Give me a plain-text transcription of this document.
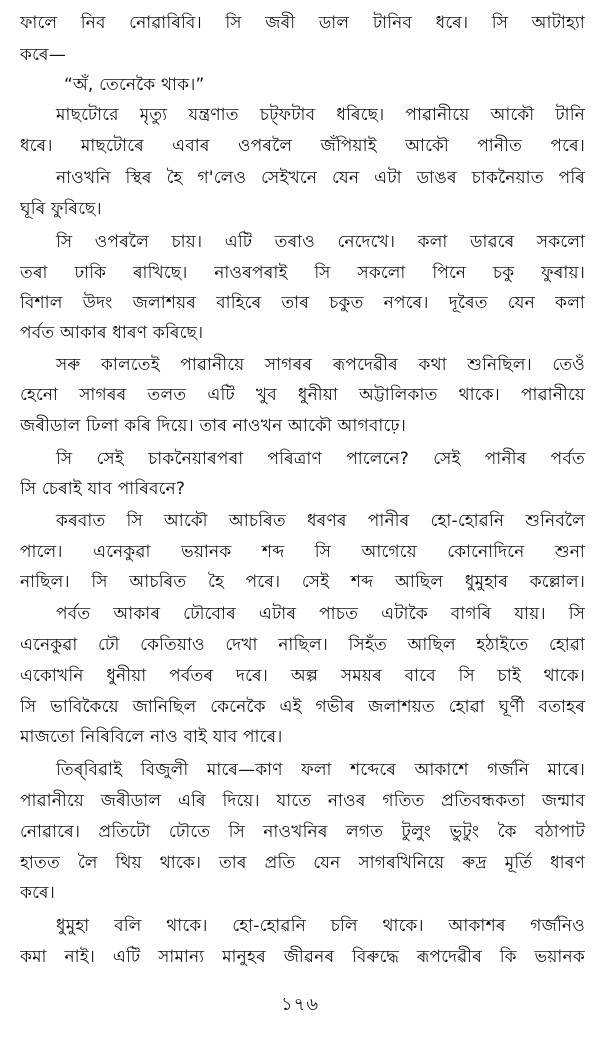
ফালে নিব নোৱাৰিবি। সি জৰী ডাল টানিব ধৰে। সি আটাহ্যা
কৰে—
“অঁ, তেনেকৈ থাক।”
মাছটোরে মৃত্যু যন্ত্ৰণাত চট্‌ফটাব ধৰিছে। পাৱানীয়ে আকৌ টানি
ধৰে। মাছটোৰে এবাৰ ওপৰলৈ জঁপিয়াই আকৌ পানীত পৰে।
নাওখনি স্থিৰ হৈ গ'লেও সেইখনে যেন এটা ডাঙৰ চাকনৈয়াত পৰি
ঘূৰি ফুৰিছে।
সি ওপৰলৈ চায়। এটি তৰাও নেদেখে। কলা ডাৱৰে সকলো
তৰা ঢাকি ৰাখিছে। নাওৰপৰাই সি সকলো পিনে চকু ফুৰায়।
বিশাল উদং জলাশয়ৰ বাহিৰে তাৰ চকুত নপৰে। দূৰৈত যেন কলা
পৰ্বত আকাৰ ধাৰণ কৰিছে।
সৰু কালতেই পাৱানীয়ে সাগৰৰ ৰূপদেৱীৰ কথা শুনিছিল। তেওঁ
হেনো সাগৰৰ তলত এটি খুব ধুনীয়া অট্টালিকাত থাকে। পাৱানীয়ে
জৰীডাল ঢিলা কৰি দিয়ে। তাৰ নাওখন আকৌ আগবাঢ়ে।
সি সেই চাকনৈয়াৰপৰা পৰিত্ৰাণ পালেনে? সেই পানীৰ পৰ্বত
সি চেৰাই যাব পাৰিবনে?
কৰবাত সি আকৌ আচৰিত ধৰণৰ পানীৰ হো-হোৱনি শুনিবলৈ
পালে। এনেকুৱা ভয়ানক শব্দ সি আগেয়ে কোনোদিনে শুনা
নাছিল। সি আচৰিত হৈ পৰে। সেই শব্দ আছিল ধুমুহাৰ কল্লোল।
পৰ্বত আকাৰ ঢৌবোৰ এটাৰ পাচত এটাকৈ বাগৰি যায়। সি
এনেকুৱা ঢৌ কেতিয়াও দেখা নাছিল। সিহঁত আছিল হঠাইতে হোৱা
একোখনি ধুনীয়া পৰ্বতৰ দৰে। অল্প সময়ৰ বাবে সি চাই থাকে।
সি ভাবিকৈয়ে জানিছিল কেনেকৈ এই গভীৰ জলাশয়ত হোৱা ঘূৰ্ণী বতাহৰ
মাজতো নিৰিবিলে নাও বাই যাব পাৰে।
তিৰ্‌বিৱাই বিজুলী মাৰে—কাণ ফলা শব্দেৰে আকাশে গৰ্জনি মাৰে।
পাৱানীয়ে জৰীডাল এৰি দিয়ে। যাতে নাওৰ গতিত প্ৰতিবন্ধকতা জন্মাব
নোৱাৰে। প্ৰতিটো ঢৌতে সি নাওখনিৰ লগত টুলুং ভুটুং কৈ বঠাপাট
হাতত লৈ থিয় থাকে। তাৰ প্ৰতি যেন সাগৰখিনিয়ে ৰুদ্ৰ মূৰ্তি ধাৰণ
কৰে।
ধুমুহা বলি থাকে। হো-হোৱনি চলি থাকে। আকাশৰ গৰ্জনিও
কমা নাই। এটি সামান্য মানুহৰ জীৱনৰ বিৰুদ্ধে ৰূপদেৱীৰ কি ভয়ানক
১৭৬
